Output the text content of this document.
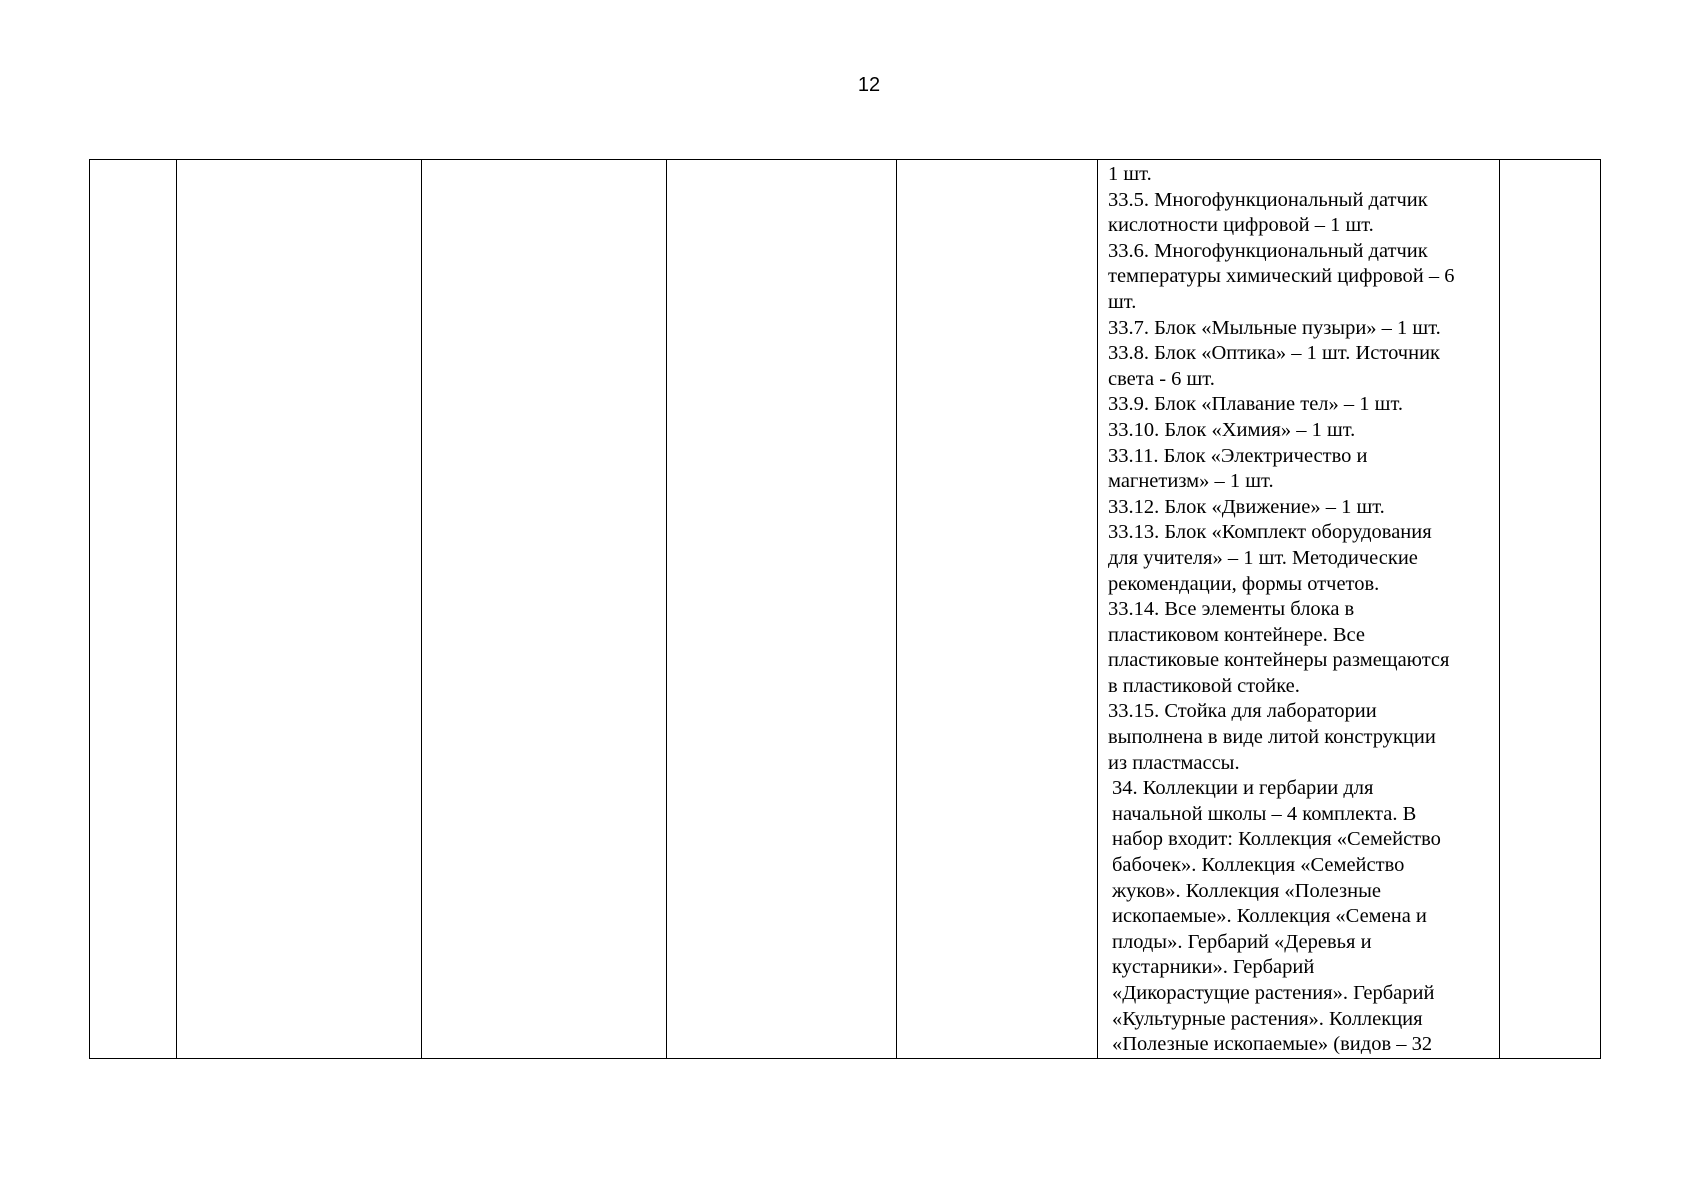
12

1 шт.
33.5. Многофункциональный датчик
кислотности цифровой – 1 шт.
33.6. Многофункциональный датчик
температуры химический цифровой – 6
шт.
33.7. Блок «Мыльные пузыри» – 1 шт.
33.8. Блок «Оптика» – 1 шт. Источник
света - 6 шт.
33.9. Блок «Плавание тел» – 1 шт.
33.10. Блок «Химия» – 1 шт.
33.11. Блок «Электричество и
магнетизм» – 1 шт.
33.12. Блок «Движение» – 1 шт.
33.13. Блок «Комплект оборудования
для учителя» – 1 шт. Методические
рекомендации, формы отчетов.
33.14. Все элементы блока в
пластиковом контейнере. Все
пластиковые контейнеры размещаются
в пластиковой стойке.
33.15. Стойка для лаборатории
выполнена в виде литой конструкции
из пластмассы.
34. Коллекции и гербарии для
начальной школы – 4 комплекта. В
набор входит: Коллекция «Семейство
бабочек». Коллекция «Семейство
жуков». Коллекция «Полезные
ископаемые». Коллекция «Семена и
плоды». Гербарий «Деревья и
кустарники». Гербарий
«Дикорастущие растения». Гербарий
«Культурные растения». Коллекция
«Полезные ископаемые» (видов – 32
